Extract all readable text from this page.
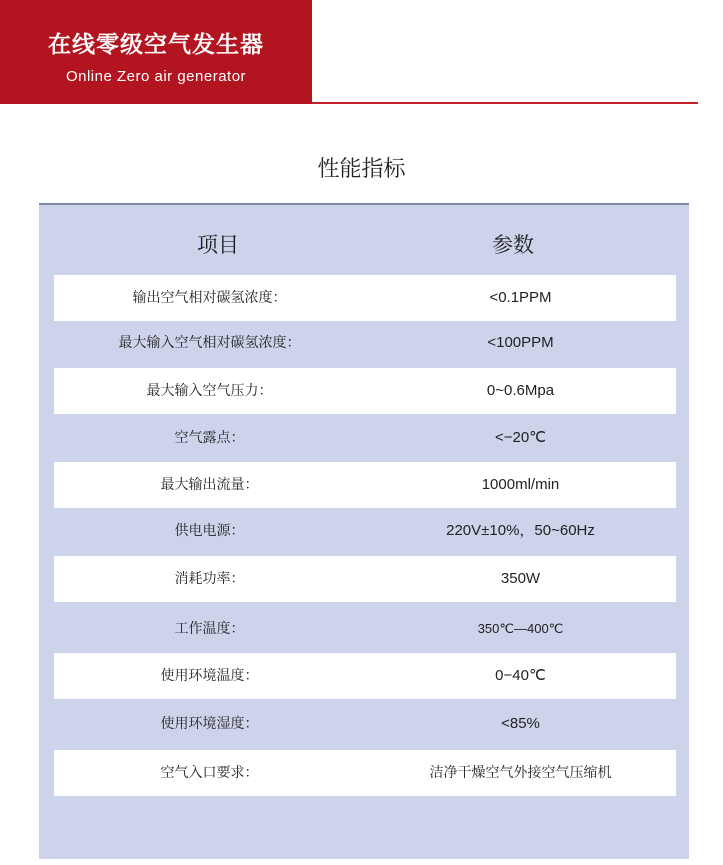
在线零级空气发生器
Online Zero air generator
性能指标
项目	参数
输出空气相对碳氢浓度：	<0.1PPM
最大输入空气相对碳氢浓度：	<100PPM
最大输入空气压力：	0~0.6Mpa
空气露点：	<−20℃
最大输出流量：	1000ml/min
供电电源：	220V±10%，50~60Hz
消耗功率：	350W
工作温度：	350℃—400℃
使用环境温度：	0−40℃
使用环境湿度：	<85%
空气入口要求：	洁净干燥空气外接空气压缩机
